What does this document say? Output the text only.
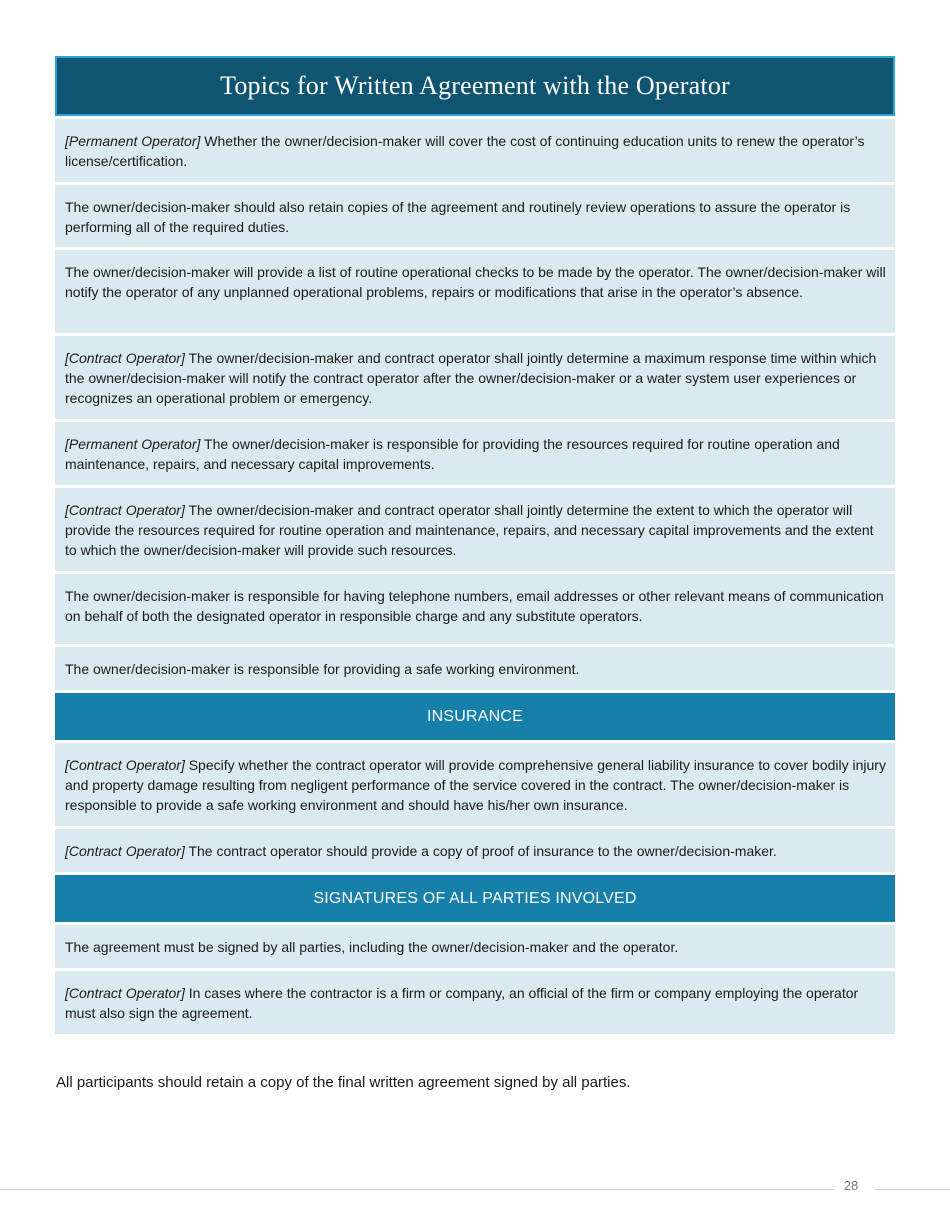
Topics for Written Agreement with the Operator
[Permanent Operator] Whether the owner/decision-maker will cover the cost of continuing education units to renew the operator’s license/certification.
The owner/decision-maker should also retain copies of the agreement and routinely review operations to assure the operator is performing all of the required duties.
The owner/decision-maker will provide a list of routine operational checks to be made by the operator. The owner/decision-maker will notify the operator of any unplanned operational problems, repairs or modifications that arise in the operator’s absence.
[Contract Operator] The owner/decision-maker and contract operator shall jointly determine a maximum response time within which the owner/decision-maker will notify the contract operator after the owner/decision-maker or a water system user experiences or recognizes an operational problem or emergency.
[Permanent Operator] The owner/decision-maker is responsible for providing the resources required for routine operation and maintenance, repairs, and necessary capital improvements.
[Contract Operator] The owner/decision-maker and contract operator shall jointly determine the extent to which the operator will provide the resources required for routine operation and maintenance, repairs, and necessary capital improvements and the extent to which the owner/decision-maker will provide such resources.
The owner/decision-maker is responsible for having telephone numbers, email addresses or other relevant means of communication on behalf of both the designated operator in responsible charge and any substitute operators.
The owner/decision-maker is responsible for providing a safe working environment.
INSURANCE
[Contract Operator] Specify whether the contract operator will provide comprehensive general liability insurance to cover bodily injury and property damage resulting from negligent performance of the service covered in the contract. The owner/decision-maker is responsible to provide a safe working environment and should have his/her own insurance.
[Contract Operator] The contract operator should provide a copy of proof of insurance to the owner/decision-maker.
SIGNATURES OF ALL PARTIES INVOLVED
The agreement must be signed by all parties, including the owner/decision-maker and the operator.
[Contract Operator] In cases where the contractor is a firm or company, an official of the firm or company employing the operator must also sign the agreement.
All participants should retain a copy of the final written agreement signed by all parties.
28
